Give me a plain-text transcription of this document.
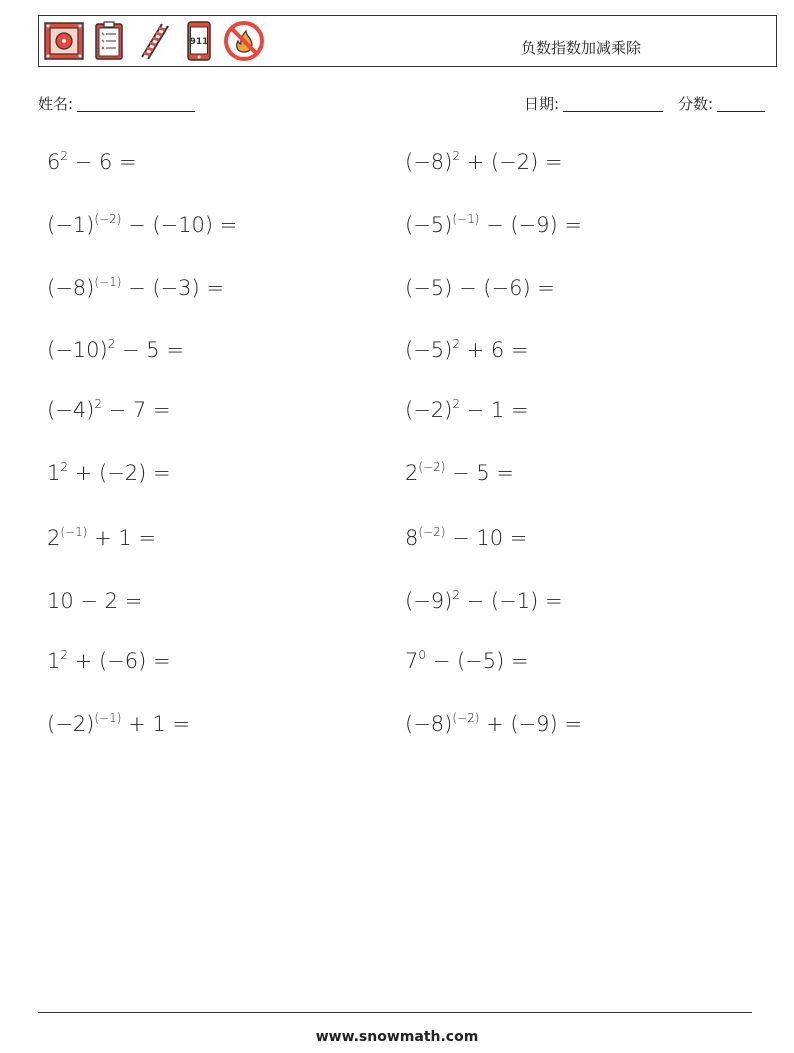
911	负数指数加减乘除
姓名:	日期:	分数:
$6^2 - 6$ =	$(-8)^2 + (-2)$ =
$(-1)^{(-2)} - (-10)$ =	$(-5)^{(-1)} - (-9)$ =
$(-8)^{(-1)} - (-3)$ =	(−5) − (−6) =
$(-10)^2 - 5$ =	$(-5)^2 + 6$ =
$(-4)^2 - 7$ =	$(-2)^2 - 1$ =
$1^2 + (-2)$ =	$2^{(-2)} - 5$ =
$2^{(-1)} + 1$ =	$8^{(-2)} - 10$ =
10 − 2 =	$(-9)^2 - (-1)$ =
$1^2 + (-6)$ =	$7^0 - (-5)$ =
$(-2)^{(-1)} + 1$ =	$(-8)^{(-2)} + (-9)$ =
www.snowmath.com
